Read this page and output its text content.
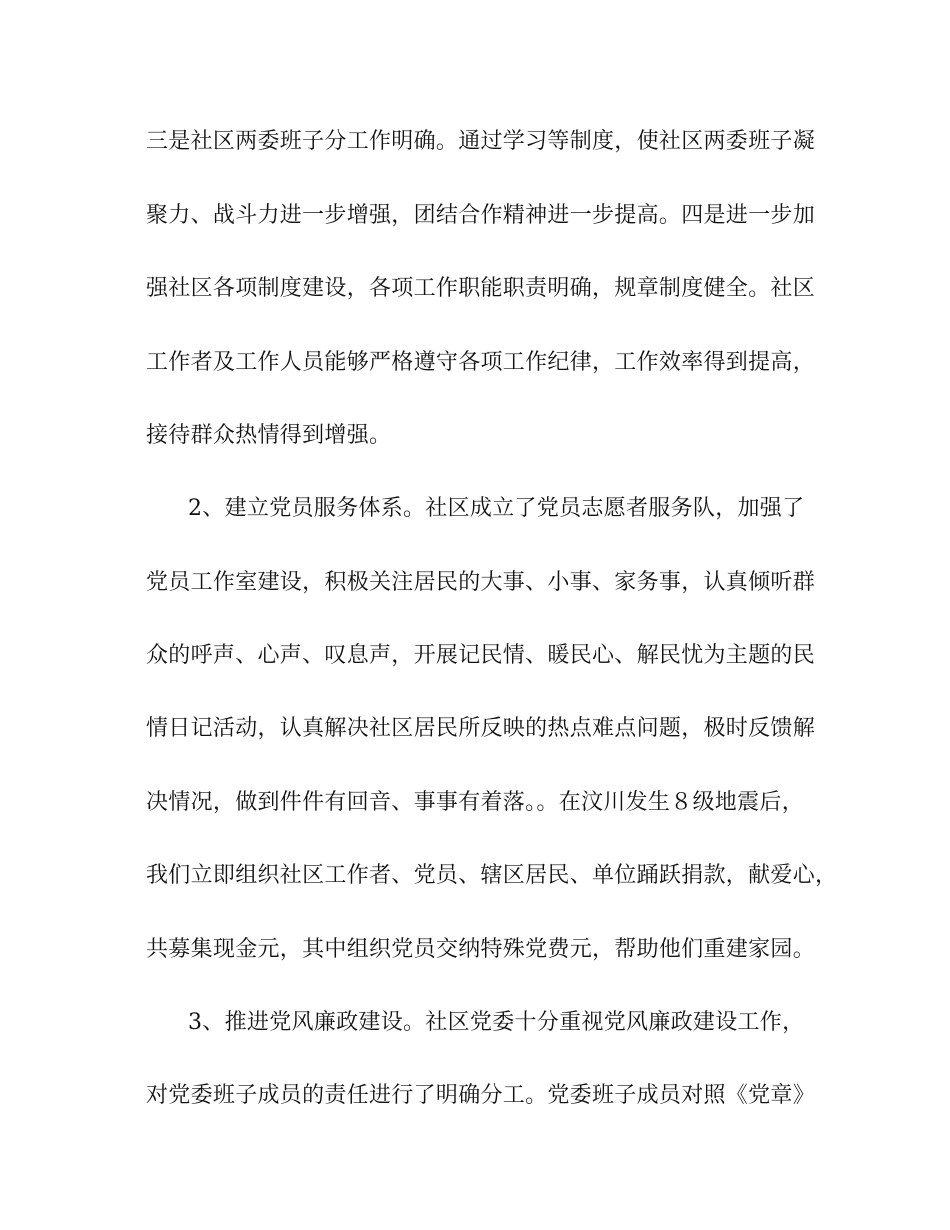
三是社区两委班子分工作明确。通过学习等制度，使社区两委班子凝
聚力、战斗力进一步增强，团结合作精神进一步提高。四是进一步加
强社区各项制度建设，各项工作职能职责明确，规章制度健全。社区
工作者及工作人员能够严格遵守各项工作纪律，工作效率得到提高，
接待群众热情得到增强。
2、建立党员服务体系。社区成立了党员志愿者服务队，加强了
党员工作室建设，积极关注居民的大事、小事、家务事，认真倾听群
众的呼声、心声、叹息声，开展记民情、暖民心、解民忧为主题的民
情日记活动，认真解决社区居民所反映的热点难点问题，极时反馈解
决情况，做到件件有回音、事事有着落。。在汶川发生８级地震后，
我们立即组织社区工作者、党员、辖区居民、单位踊跃捐款，献爱心，
共募集现金元，其中组织党员交纳特殊党费元，帮助他们重建家园。
3、推进党风廉政建设。社区党委十分重视党风廉政建设工作，
对党委班子成员的责任进行了明确分工。党委班子成员对照《党章》
